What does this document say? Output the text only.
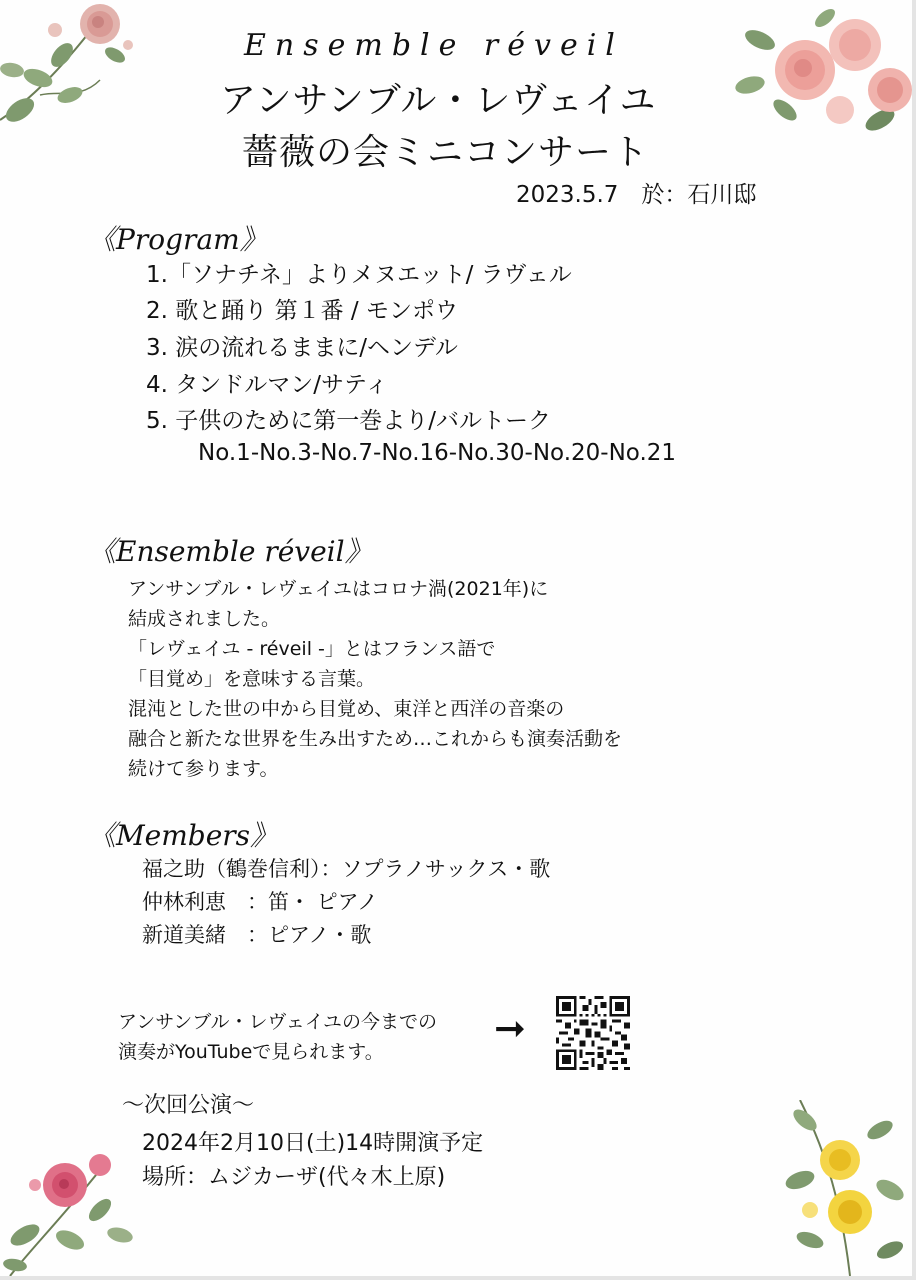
Ensemble réveil
アンサンブル・レヴェイユ
薔薇の会ミニコンサート
2023.5.7　於：石川邸
《Program》
1.「ソナチネ」よりメヌエット/ ラヴェル
2. 歌と踊り 第１番 / モンポウ
3. 涙の流れるままに/ヘンデル
4. タンドルマン/サティ
5. 子供のために第一巻より/バルトーク
No.1-No.3-No.7-No.16-No.30-No.20-No.21
《Ensemble réveil》
アンサンブル・レヴェイユはコロナ渦(2021年)に
結成されました。
「レヴェイユ - réveil -」とはフランス語で
「目覚め」を意味する言葉。
混沌とした世の中から目覚め、東洋と西洋の音楽の
融合と新たな世界を生み出すため…これからも演奏活動を
続けて参ります。
《Members》
福之助（鶴巻信利）：ソプラノサックス・歌
仲林利恵　：笛・ ピアノ
新道美緒　：ピアノ・歌
アンサンブル・レヴェイユの今までの
演奏がYouTubeで見られます。
➞
〜次回公演〜
2024年2月10日(土)14時開演予定
場所：ムジカーザ(代々木上原)
